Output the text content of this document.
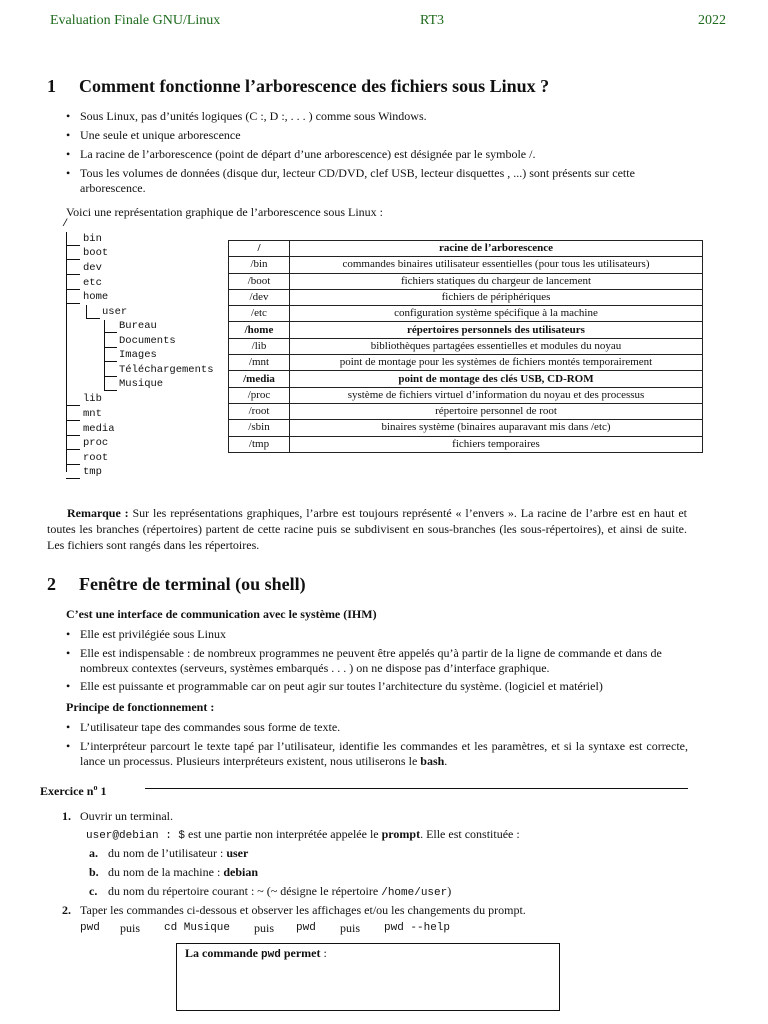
Evaluation Finale GNU/Linux	RT3	2022
1 Comment fonctionne l’arborescence des fichiers sous Linux ?
• Sous Linux, pas d’unités logiques (C :, D :, . . . ) comme sous Windows.
• Une seule et unique arborescence
• La racine de l’arborescence (point de départ d’une arborescence) est désignée par le symbole /.
• Tous les volumes de données (disque dur, lecteur CD/DVD, clef USB, lecteur disquettes , ...) sont présents sur cette arborescence.
Voici une représentation graphique de l’arborescence sous Linux :
/
bin
boot
dev
etc
home
user
Bureau
Documents
Images
Téléchargements
Musique
lib
mnt
media
proc
root
tmp
/	racine de l’arborescence
/bin	commandes binaires utilisateur essentielles (pour tous les utilisateurs)
/boot	fichiers statiques du chargeur de lancement
/dev	fichiers de périphériques
/etc	configuration système spécifique à la machine
/home	répertoires personnels des utilisateurs
/lib	bibliothèques partagées essentielles et modules du noyau
/mnt	point de montage pour les systèmes de fichiers montés temporairement
/media	point de montage des clés USB, CD-ROM
/proc	système de fichiers virtuel d’information du noyau et des processus
/root	répertoire personnel de root
/sbin	binaires système (binaires auparavant mis dans /etc)
/tmp	fichiers temporaires
Remarque : Sur les représentations graphiques, l’arbre est toujours représenté « l’envers ». La racine de l’arbre est en haut et toutes les branches (répertoires) partent de cette racine puis se subdivisent en sous-branches (les sous-répertoires), et ainsi de suite. Les fichiers sont rangés dans les répertoires.
2 Fenêtre de terminal (ou shell)
C’est une interface de communication avec le système (IHM)
• Elle est privilégiée sous Linux
• Elle est indispensable : de nombreux programmes ne peuvent être appelés qu’à partir de la ligne de commande et dans de nombreux contextes (serveurs, systèmes embarqués . . . ) on ne dispose pas d’interface graphique.
• Elle est puissante et programmable car on peut agir sur toutes l’architecture du système. (logiciel et matériel)
Principe de fonctionnement :
• L’utilisateur tape des commandes sous forme de texte.
• L’interpréteur parcourt le texte tapé par l’utilisateur, identifie les commandes et les paramètres, et si la syntaxe est correcte, lance un processus. Plusieurs interpréteurs existent, nous utiliserons le bash.
Exercice $n^o$ 1
1. Ouvrir un terminal.
user@debian : $ est une partie non interprétée appelée le prompt. Elle est constituée :
a. du nom de l’utilisateur : user
b. du nom de la machine : debian
c. du nom du répertoire courant : ~ (~ désigne le répertoire /home/user)
2. Taper les commandes ci-dessous et observer les affichages et/ou les changements du prompt.
pwd puis cd Musique puis pwd puis pwd --help
La commande pwd permet :
